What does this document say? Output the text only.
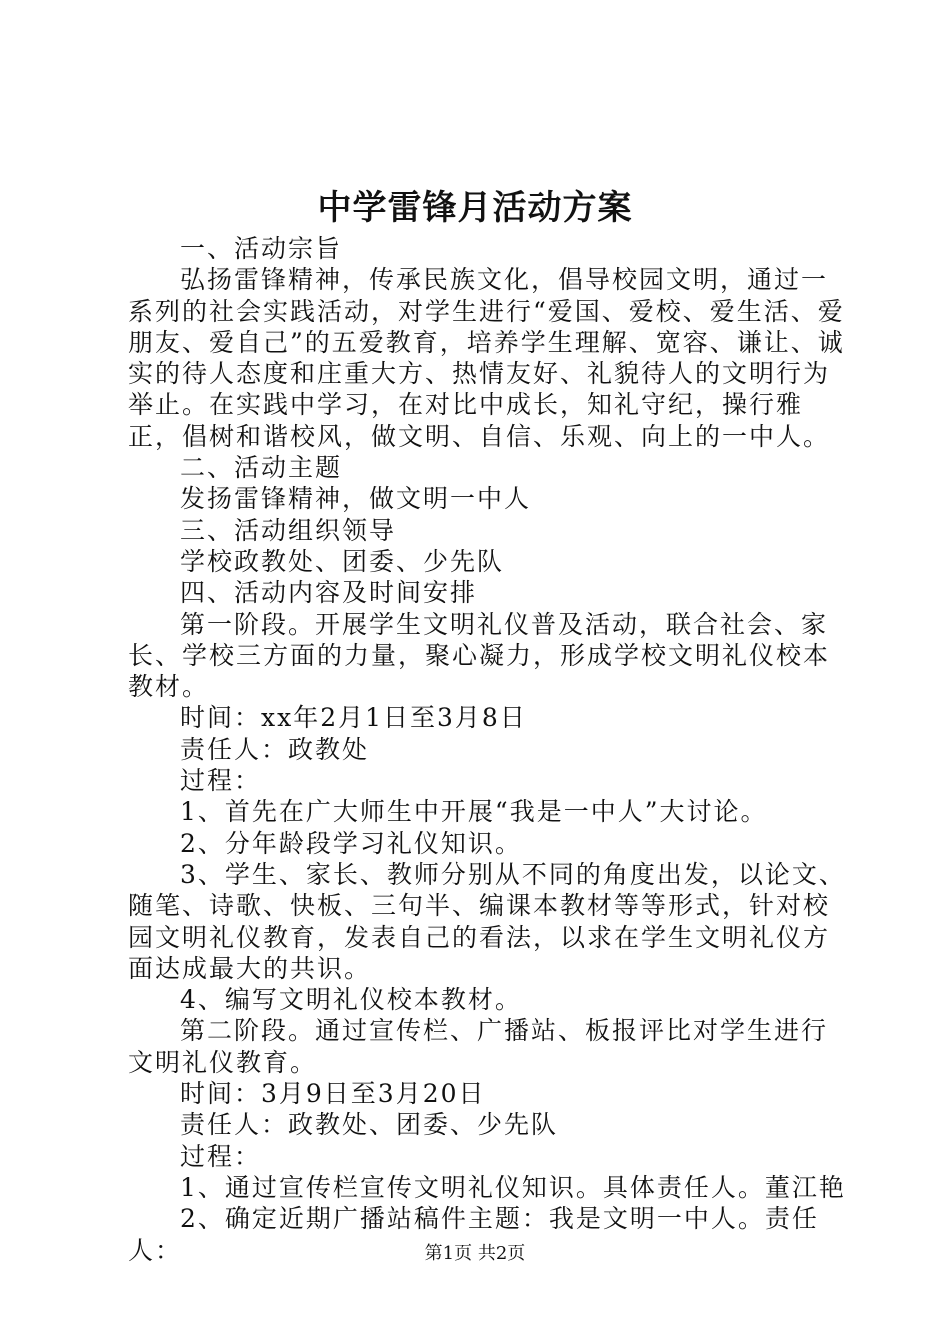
中学雷锋月活动方案

一、活动宗旨

弘扬雷锋精神，传承民族文化，倡导校园文明，通过一系列的社会实践活动，对学生进行“爱国、爱校、爱生活、爱朋友、爱自己”的五爱教育，培养学生理解、宽容、谦让、诚实的待人态度和庄重大方、热情友好、礼貌待人的文明行为举止。在实践中学习，在对比中成长，知礼守纪，操行雅正，倡树和谐校风，做文明、自信、乐观、向上的一中人。

二、活动主题

发扬雷锋精神，做文明一中人

三、活动组织领导

学校政教处、团委、少先队

四、活动内容及时间安排

第一阶段。开展学生文明礼仪普及活动，联合社会、家长、学校三方面的力量，聚心凝力，形成学校文明礼仪校本教材。

时间：xx年2月1日至3月8日

责任人：政教处

过程：

1、首先在广大师生中开展“我是一中人”大讨论。

2、分年龄段学习礼仪知识。

3、学生、家长、教师分别从不同的角度出发，以论文、随笔、诗歌、快板、三句半、编课本教材等等形式，针对校园文明礼仪教育，发表自己的看法，以求在学生文明礼仪方面达成最大的共识。

4、编写文明礼仪校本教材。

第二阶段。通过宣传栏、广播站、板报评比对学生进行文明礼仪教育。

时间：3月9日至3月20日

责任人：政教处、团委、少先队

过程：

1、通过宣传栏宣传文明礼仪知识。具体责任人。董江艳

2、确定近期广播站稿件主题：我是文明一中人。责任人：	第1页 共2页
